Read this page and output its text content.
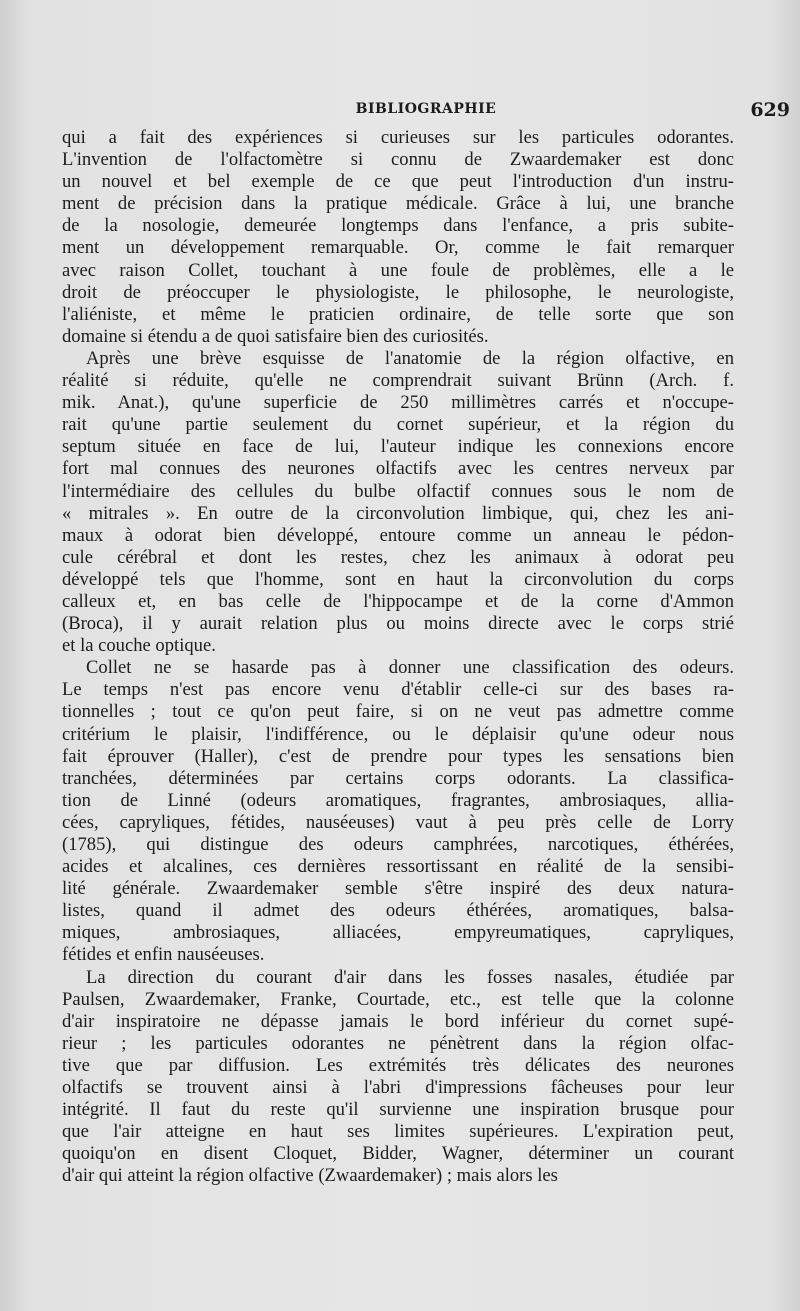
BIBLIOGRAPHIE	629
qui a fait des expériences si curieuses sur les particules odorantes.
L'invention de l'olfactomètre si connu de Zwaardemaker est donc
un nouvel et bel exemple de ce que peut l'introduction d'un instru-
ment de précision dans la pratique médicale. Grâce à lui, une branche
de la nosologie, demeurée longtemps dans l'enfance, a pris subite-
ment un développement remarquable. Or, comme le fait remarquer
avec raison Collet, touchant à une foule de problèmes, elle a le
droit de préoccuper le physiologiste, le philosophe, le neurologiste,
l'aliéniste, et même le praticien ordinaire, de telle sorte que son
domaine si étendu a de quoi satisfaire bien des curiosités.
Après une brève esquisse de l'anatomie de la région olfactive, en
réalité si réduite, qu'elle ne comprendrait suivant Brünn (Arch. f.
mik. Anat.), qu'une superficie de 250 millimètres carrés et n'occupe-
rait qu'une partie seulement du cornet supérieur, et la région du
septum située en face de lui, l'auteur indique les connexions encore
fort mal connues des neurones olfactifs avec les centres nerveux par
l'intermédiaire des cellules du bulbe olfactif connues sous le nom de
« mitrales ». En outre de la circonvolution limbique, qui, chez les ani-
maux à odorat bien développé, entoure comme un anneau le pédon-
cule cérébral et dont les restes, chez les animaux à odorat peu
développé tels que l'homme, sont en haut la circonvolution du corps
calleux et, en bas celle de l'hippocampe et de la corne d'Ammon
(Broca), il y aurait relation plus ou moins directe avec le corps strié
et la couche optique.
Collet ne se hasarde pas à donner une classification des odeurs.
Le temps n'est pas encore venu d'établir celle-ci sur des bases ra-
tionnelles ; tout ce qu'on peut faire, si on ne veut pas admettre comme
critérium le plaisir, l'indifférence, ou le déplaisir qu'une odeur nous
fait éprouver (Haller), c'est de prendre pour types les sensations bien
tranchées, déterminées par certains corps odorants. La classifica-
tion de Linné (odeurs aromatiques, fragrantes, ambrosiaques, allia-
cées, capryliques, fétides, nauséeuses) vaut à peu près celle de Lorry
(1785), qui distingue des odeurs camphrées, narcotiques, éthérées,
acides et alcalines, ces dernières ressortissant en réalité de la sensibi-
lité générale. Zwaardemaker semble s'être inspiré des deux natura-
listes, quand il admet des odeurs éthérées, aromatiques, balsa-
miques, ambrosiaques, alliacées, empyreumatiques, capryliques,
fétides et enfin nauséeuses.
La direction du courant d'air dans les fosses nasales, étudiée par
Paulsen, Zwaardemaker, Franke, Courtade, etc., est telle que la colonne
d'air inspiratoire ne dépasse jamais le bord inférieur du cornet supé-
rieur ; les particules odorantes ne pénètrent dans la région olfac-
tive que par diffusion. Les extrémités très délicates des neurones
olfactifs se trouvent ainsi à l'abri d'impressions fâcheuses pour leur
intégrité. Il faut du reste qu'il survienne une inspiration brusque pour
que l'air atteigne en haut ses limites supérieures. L'expiration peut,
quoiqu'on en disent Cloquet, Bidder, Wagner, déterminer un courant
d'air qui atteint la région olfactive (Zwaardemaker) ; mais alors les
